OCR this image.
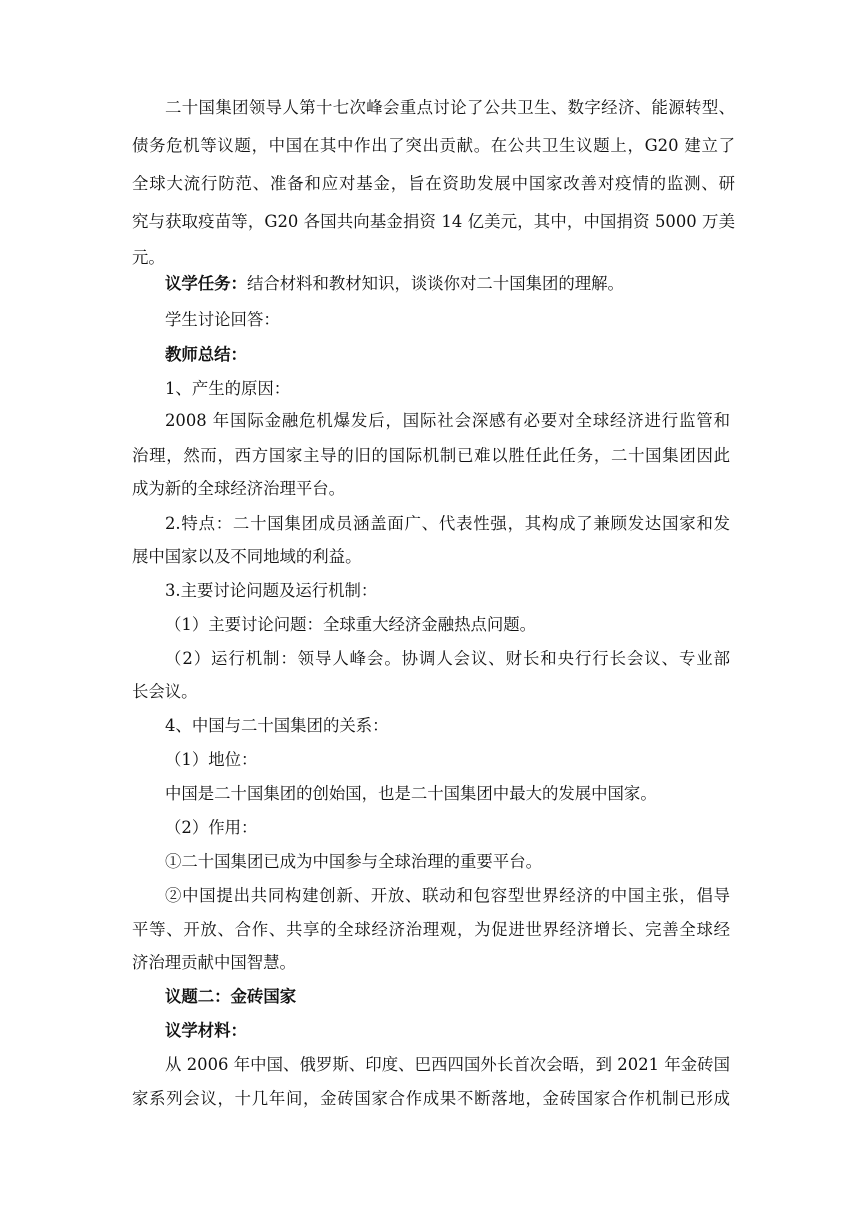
二十国集团领导人第十七次峰会重点讨论了公共卫生、数字经济、能源转型、
债务危机等议题，中国在其中作出了突出贡献。在公共卫生议题上，G20 建立了
全球大流行防范、准备和应对基金，旨在资助发展中国家改善对疫情的监测、研
究与获取疫苗等，G20 各国共向基金捐资 14 亿美元，其中，中国捐资 5000 万美
元。
议学任务：结合材料和教材知识，谈谈你对二十国集团的理解。
学生讨论回答：
教师总结：
1、产生的原因：
2008 年国际金融危机爆发后，国际社会深感有必要对全球经济进行监管和
治理，然而，西方国家主导的旧的国际机制已难以胜任此任务，二十国集团因此
成为新的全球经济治理平台。
2.特点：二十国集团成员涵盖面广、代表性强，其构成了兼顾发达国家和发
展中国家以及不同地域的利益。
3.主要讨论问题及运行机制：
（1）主要讨论问题：全球重大经济金融热点问题。
（2）运行机制：领导人峰会。协调人会议、财长和央行行长会议、专业部
长会议。
4、中国与二十国集团的关系：
（1）地位：
中国是二十国集团的创始国，也是二十国集团中最大的发展中国家。
（2）作用：
①二十国集团已成为中国参与全球治理的重要平台。
②中国提出共同构建创新、开放、联动和包容型世界经济的中国主张，倡导
平等、开放、合作、共享的全球经济治理观，为促进世界经济增长、完善全球经
济治理贡献中国智慧。
议题二：金砖国家
议学材料：
从 2006 年中国、俄罗斯、印度、巴西四国外长首次会晤，到 2021 年金砖国
家系列会议，十几年间，金砖国家合作成果不断落地，金砖国家合作机制已形成
